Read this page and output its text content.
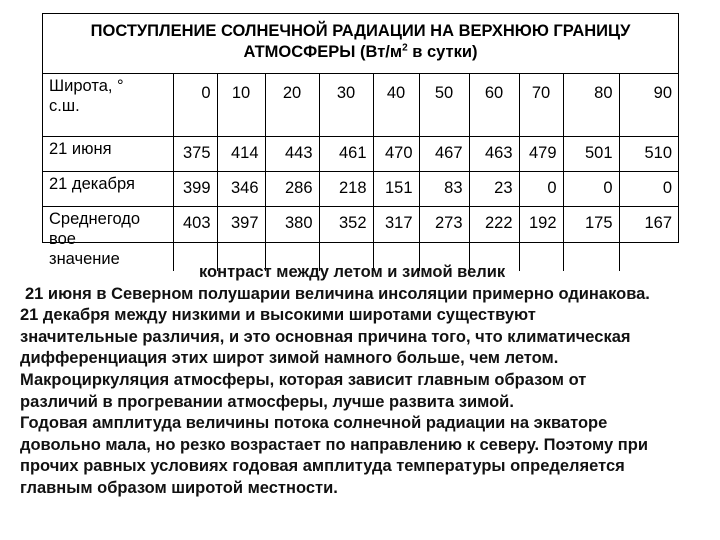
ПОСТУПЛЕНИЕ СОЛНЕЧНОЙ РАДИАЦИИ НА ВЕРХНЮЮ ГРАНИЦУ
АТМОСФЕРЫ ($Вт/м^2$ в сутки)
Широта, °
с.ш.	0	10	20	30	40	50	60	70	80	90
21 июня	375	414	443	461	470	467	463	479	501	510
21 декабря	399	346	286	218	151	83	23	0	0	0

Среднегодо
вое
значение	403	397	380	352	317	273	222	192	175	167
контраст между летом и зимой велик
21 июня в Северном полушарии величина инсоляции примерно одинакова.
21 декабря между низкими и высокими широтами существуют
значительные различия, и это основная причина того, что климатическая
дифференциация этих широт зимой намного больше, чем летом.
Макроциркуляция атмосферы, которая зависит главным образом от
различий в прогревании атмосферы, лучше развита зимой.
Годовая амплитуда величины потока солнечной радиации на экваторе
довольно мала, но резко возрастает по направлению к северу. Поэтому при
прочих равных условиях годовая амплитуда температуры определяется
главным образом широтой местности.
